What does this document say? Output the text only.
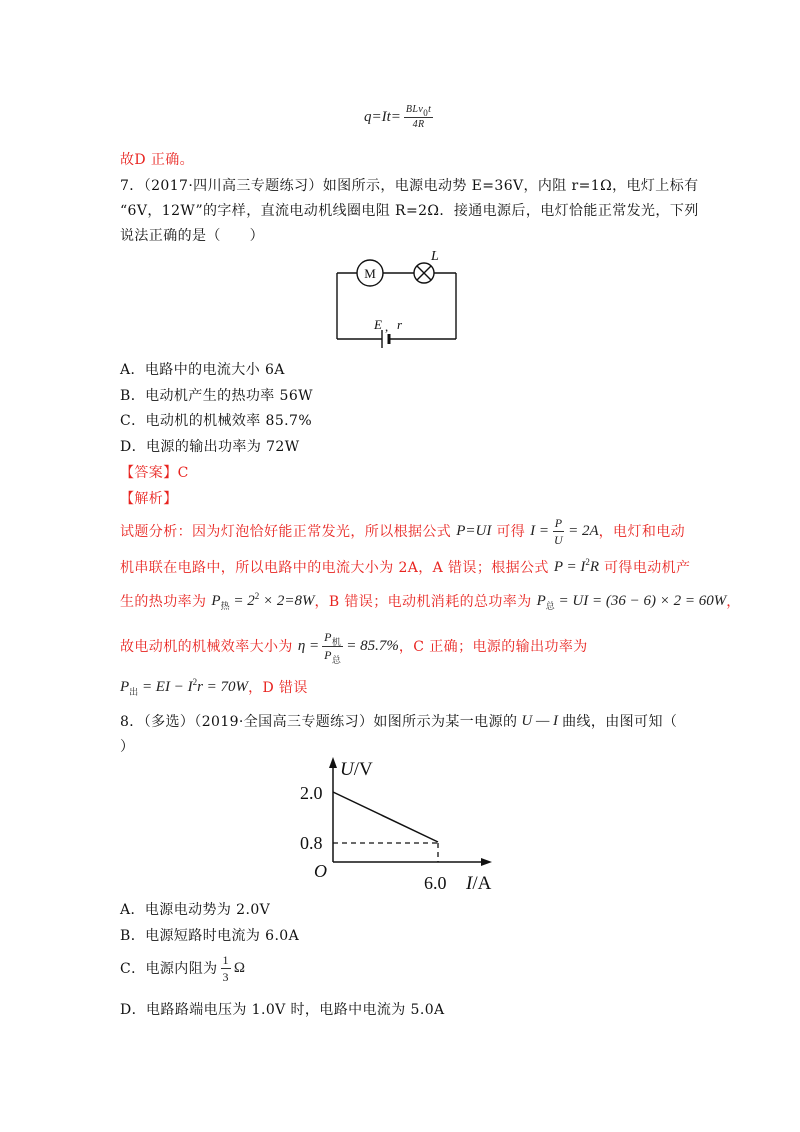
$q=It= \frac{\text{BLv0t}}{4R}$
故D 正确。
7．（2017·四川高三专题练习）如图所示，电源电动势 E=36V，内阻 r=1Ω，电灯上标有
“6V，12W”的字样，直流电动机线圈电阻 R=2Ω．接通电源后，电灯恰能正常发光，下列
说法正确的是（　　）
M
L
E , r
A．电路中的电流大小 6A
B．电动机产生的热功率 56W
C．电动机的机械效率 85.7%
D．电源的输出功率为 72W
【答案】C
【解析】
试题分析：因为灯泡恰好能正常发光，所以根据公式 P=UI 可得 $I = \frac{P}{U} = 2A$ ，电灯和电动
机串联在电路中，所以电路中的电流大小为 2A，A 错误；根据公式 $P = I^2R$ 可得电动机产
生的热功率为 $P_热 = 2^2 \times 2=8W$ ，B 错误；电动机消耗的总功率为 $P_总$ = UI = (36 − 6) × 2 = 60W ，
故电动机的机械效率大小为 $\eta = \frac{P_机}{P_总} = 85.7\%$ ，C 正确；电源的输出功率为
$P_出$ = EI − $I^2r = 70W$ ，D 错误
8．（多选）（2019·全国高三专题练习）如图所示为某一电源的 U — I 曲线，由图可知（
）
U/V
2.0
0.8
O
6.0 I/A
A．电源电动势为 2.0V
B．电源短路时电流为 6.0A
C．电源内阻为 $\frac{1}{3}$ Ω
D．电路路端电压为 1.0V 时，电路中电流为 5.0A
